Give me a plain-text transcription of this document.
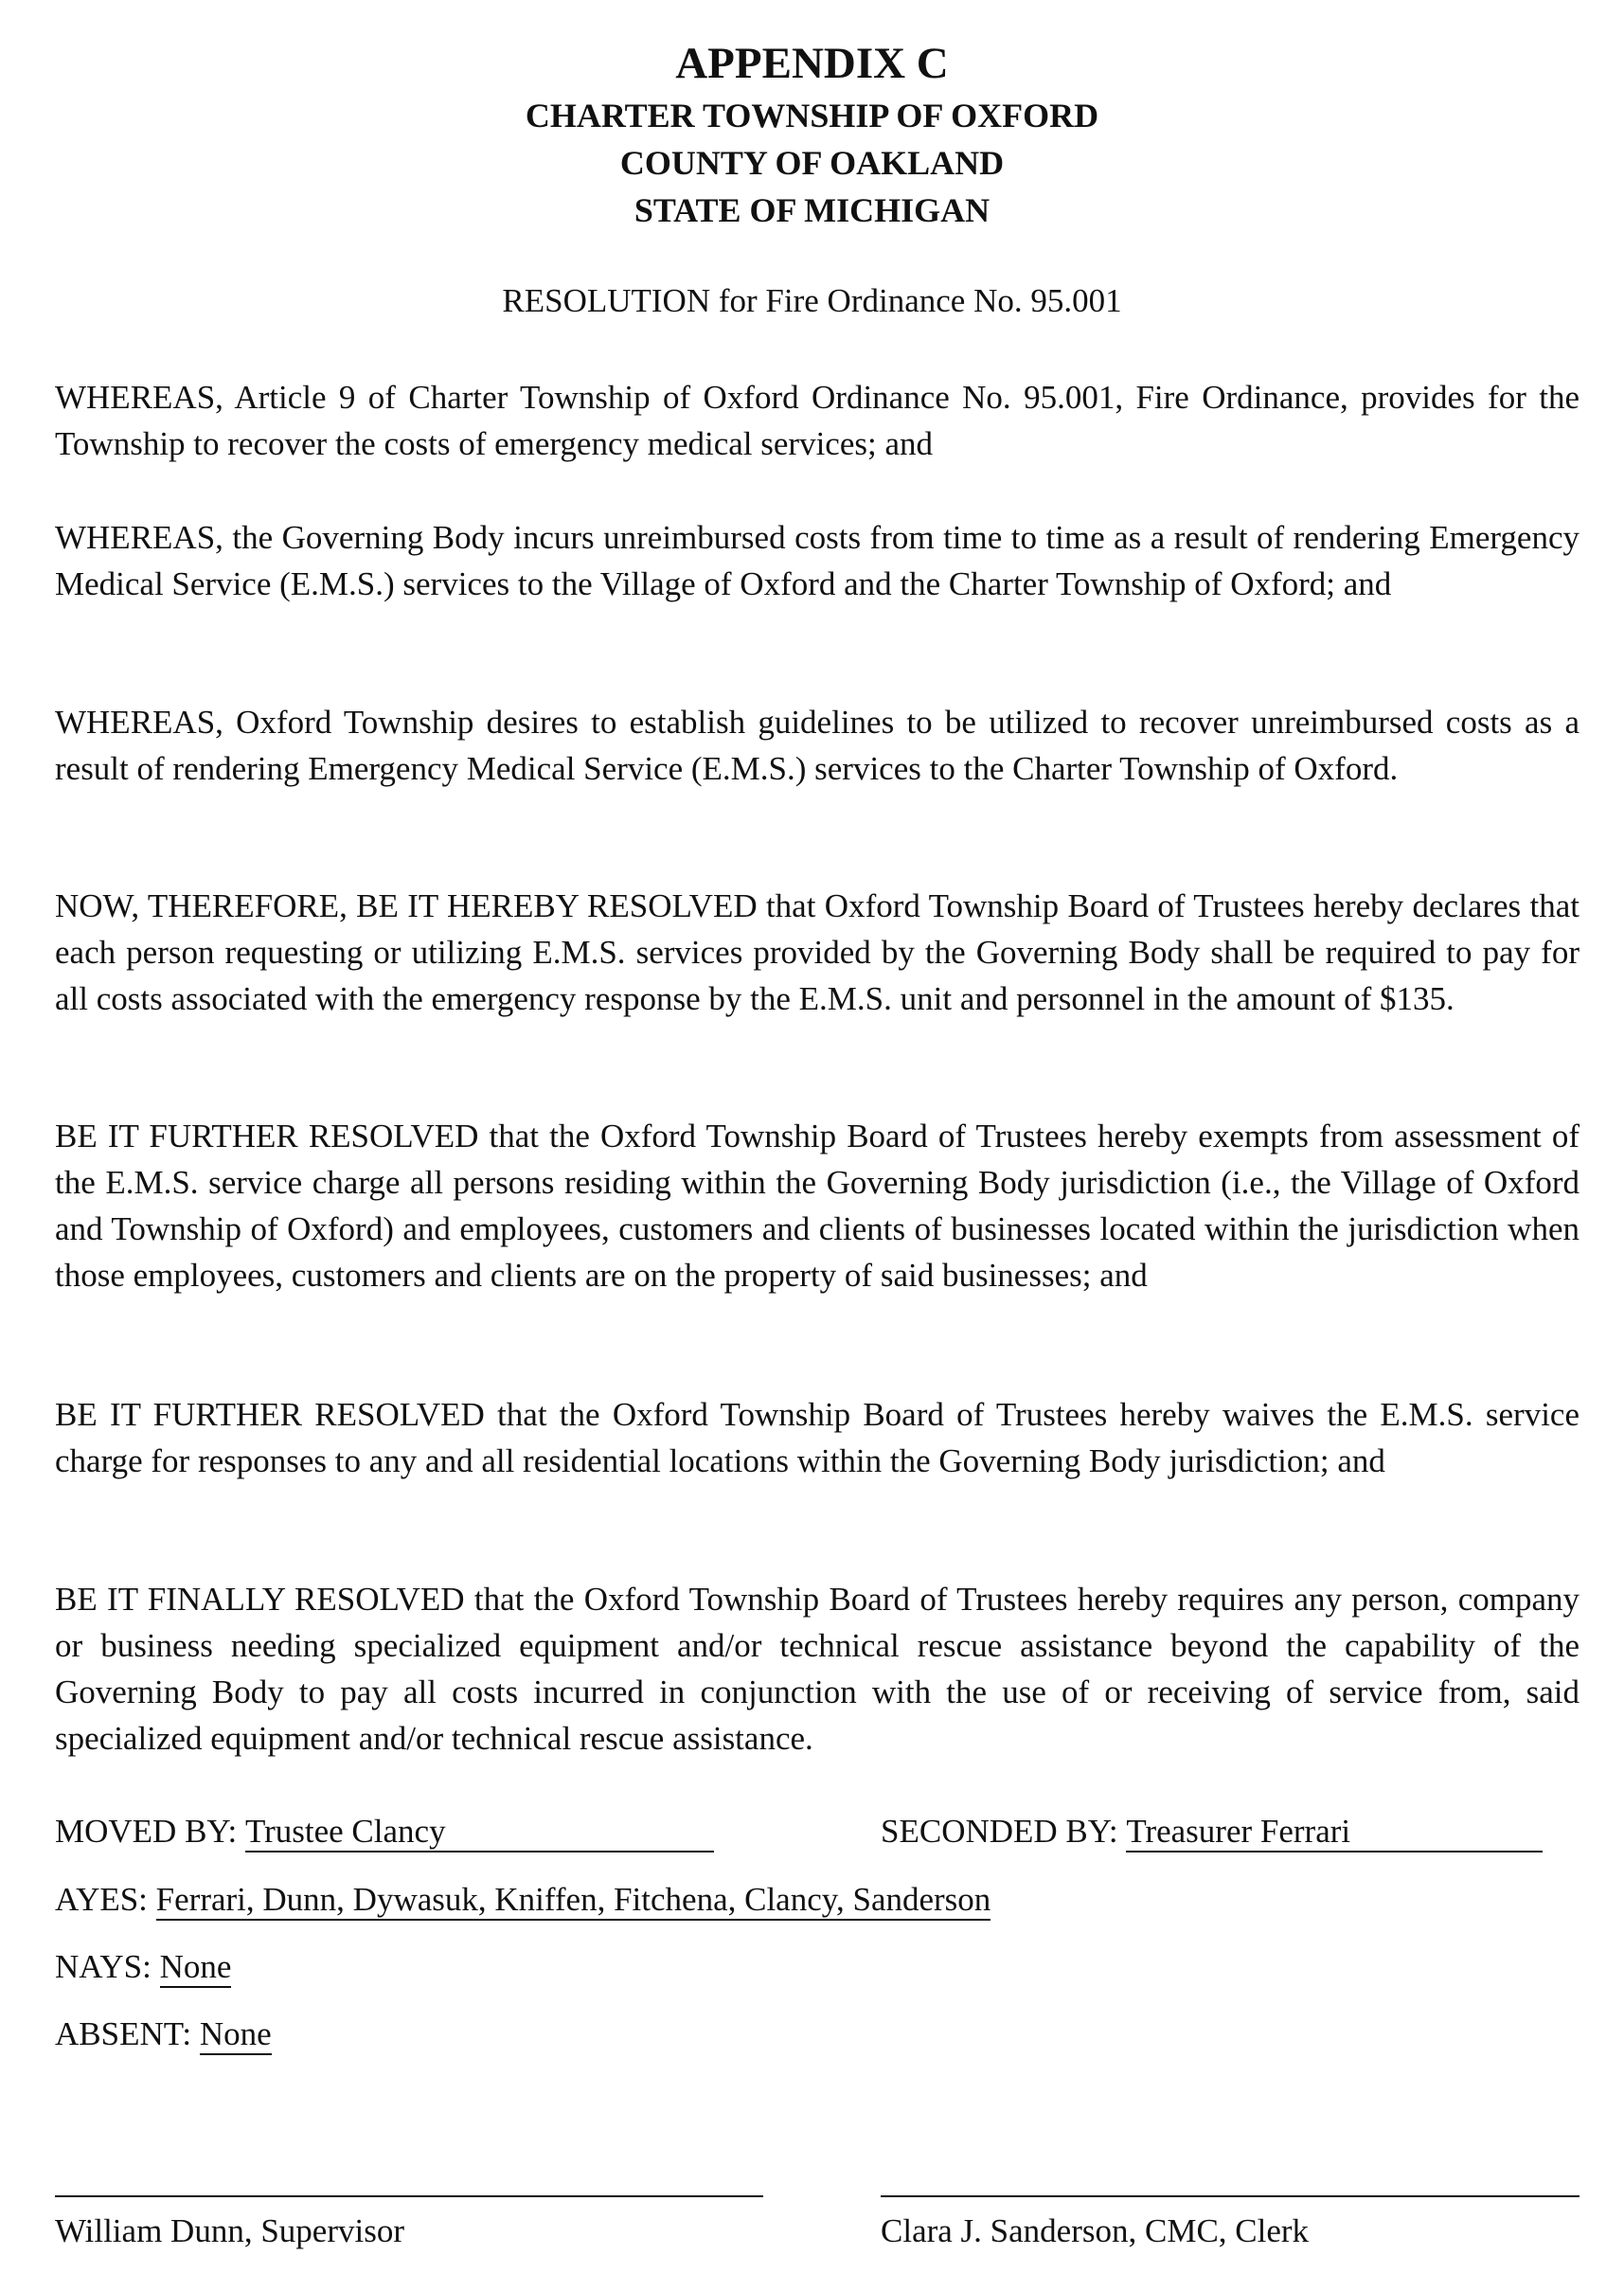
APPENDIX C
CHARTER TOWNSHIP OF OXFORD
COUNTY OF OAKLAND
STATE OF MICHIGAN
RESOLUTION for Fire Ordinance No. 95.001

WHEREAS, Article 9 of Charter Township of Oxford Ordinance No. 95.001, Fire Ordinance, provides for the Township to recover the costs of emergency medical services; and

WHEREAS, the Governing Body incurs unreimbursed costs from time to time as a result of rendering Emergency Medical Service (E.M.S.) services to the Village of Oxford and the Charter Township of Oxford; and

WHEREAS, Oxford Township desires to establish guidelines to be utilized to recover unreimbursed costs as a result of rendering Emergency Medical Service (E.M.S.) services to the Charter Township of Oxford.

NOW, THEREFORE, BE IT HEREBY RESOLVED that Oxford Township Board of Trustees hereby declares that each person requesting or utilizing E.M.S. services provided by the Governing Body shall be required to pay for all costs associated with the emergency response by the E.M.S. unit and personnel in the amount of $135.

BE IT FURTHER RESOLVED that the Oxford Township Board of Trustees hereby exempts from assessment of the E.M.S. service charge all persons residing within the Governing Body jurisdiction (i.e., the Village of Oxford and Township of Oxford) and employees, customers and clients of businesses located within the jurisdiction when those employees, customers and clients are on the property of said businesses; and

BE IT FURTHER RESOLVED that the Oxford Township Board of Trustees hereby waives the E.M.S. service charge for responses to any and all residential locations within the Governing Body jurisdiction; and

BE IT FINALLY RESOLVED that the Oxford Township Board of Trustees hereby requires any person, company or business needing specialized equipment and/or technical rescue assistance beyond the capability of the Governing Body to pay all costs incurred in conjunction with the use of or receiving of service from, said specialized equipment and/or technical rescue assistance.

MOVED BY: Trustee Clancy	SECONDED BY: Treasurer Ferrari
AYES: Ferrari, Dunn, Dywasuk, Kniffen, Fitchena, Clancy, Sanderson
NAYS: None
ABSENT: None
William Dunn, Supervisor	Clara J. Sanderson, CMC, Clerk
